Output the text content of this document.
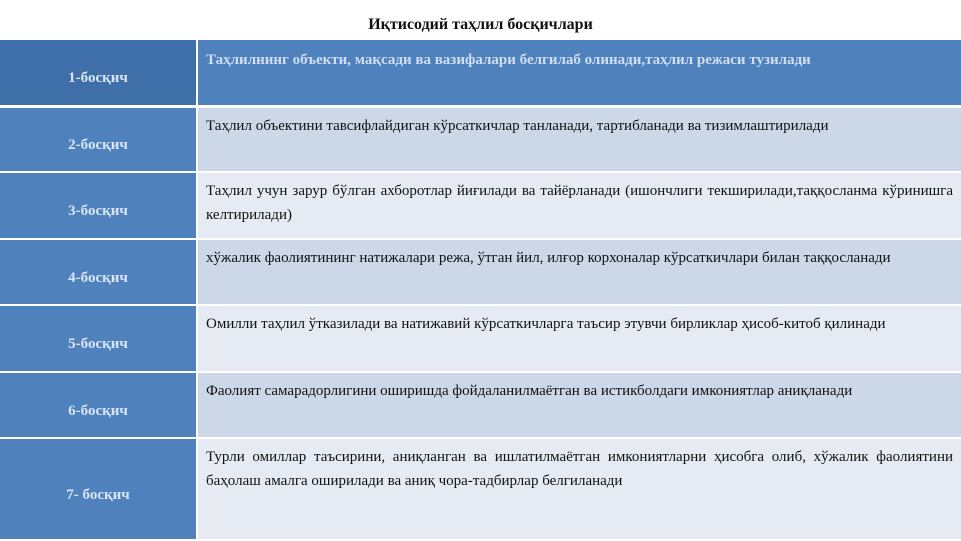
Иқтисодий таҳлил босқичлари
1-босқич	Таҳлилнинг объекти, мақсади ва вазифалари белгилаб олинади,таҳлил режаси тузилади
2-босқич	Таҳлил объектини тавсифлайдиган кўрсаткичлар танланади, тартибланади ва тизимлаштирилади
3-босқич	Таҳлил учун зарур бўлган ахборотлар йиғилади ва тайёрланади (ишончлиги текширилади,таққосланма кўринишга келтирилади)
4-босқич	хўжалик фаолиятининг натижалари режа, ўтган йил, илғор корхоналар кўрсаткичлари билан таққосланади
5-босқич	Омилли таҳлил ўтказилади ва натижавий кўрсаткичларга таъсир этувчи бирликлар ҳисоб-китоб қилинади
6-босқич	Фаолият самарадорлигини оширишда фойдаланилмаётган ва истикболдаги имкониятлар аниқланади
7- босқич	Турли омиллар таъсирини, аниқланган ва ишлатилмаётган имкониятларни ҳисобга олиб, хўжалик фаолиятини баҳолаш амалга оширилади ва аниқ чора-тадбирлар белгиланади
